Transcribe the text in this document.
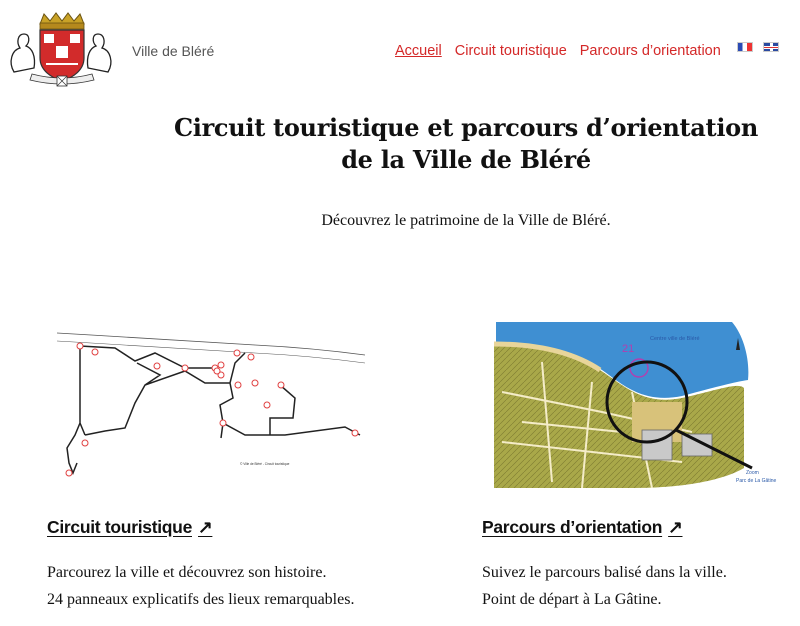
Ville de Bléré	Accueil Circuit touristique Parcours d’orientation
Circuit touristique et parcours d’orientation
de la Ville de Bléré
Découvrez le patrimoine de la Ville de Bléré.
© Ville de Bléré - Circuit touristique
21
Centre ville de Bléré
Zoom
Parc de La Gâtine
Circuit touristique ↗
Parcourez la ville et découvrez son histoire.
24 panneaux explicatifs des lieux remarquables.
Parcours d’orientation ↗
Suivez le parcours balisé dans la ville.
Point de départ à La Gâtine.
